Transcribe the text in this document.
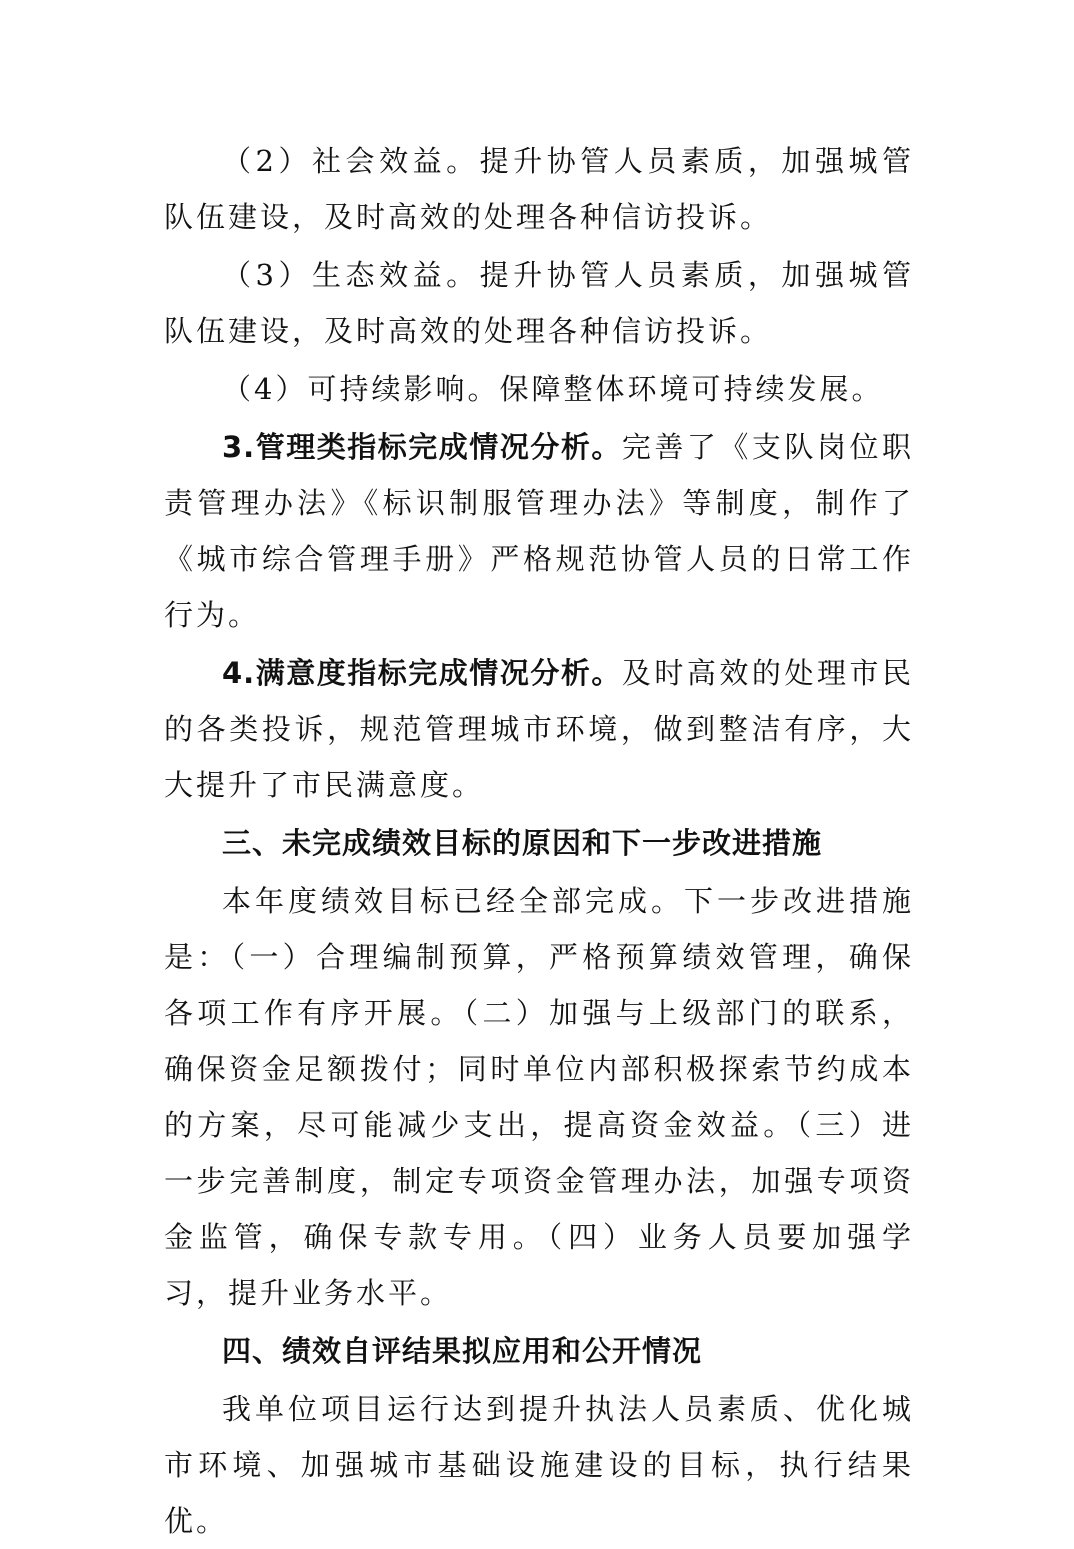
（2）社会效益。提升协管人员素质，加强城管队伍建设，及时高效的处理各种信访投诉。

（3）生态效益。提升协管人员素质，加强城管队伍建设，及时高效的处理各种信访投诉。

（4）可持续影响。保障整体环境可持续发展。

3.管理类指标完成情况分析。完善了《支队岗位职责管理办法》《标识制服管理办法》等制度，制作了《城市综合管理手册》严格规范协管人员的日常工作行为。

4.满意度指标完成情况分析。及时高效的处理市民的各类投诉，规范管理城市环境，做到整洁有序，大大提升了市民满意度。

三、未完成绩效目标的原因和下一步改进措施

本年度绩效目标已经全部完成。下一步改进措施是：（一）合理编制预算，严格预算绩效管理，确保各项工作有序开展。（二）加强与上级部门的联系，确保资金足额拨付；同时单位内部积极探索节约成本的方案，尽可能减少支出，提高资金效益。（三）进一步完善制度，制定专项资金管理办法，加强专项资金监管，确保专款专用。（四）业务人员要加强学习，提升业务水平。

四、绩效自评结果拟应用和公开情况

我单位项目运行达到提升执法人员素质、优化城市环境、加强城市基础设施建设的目标，执行结果优。
